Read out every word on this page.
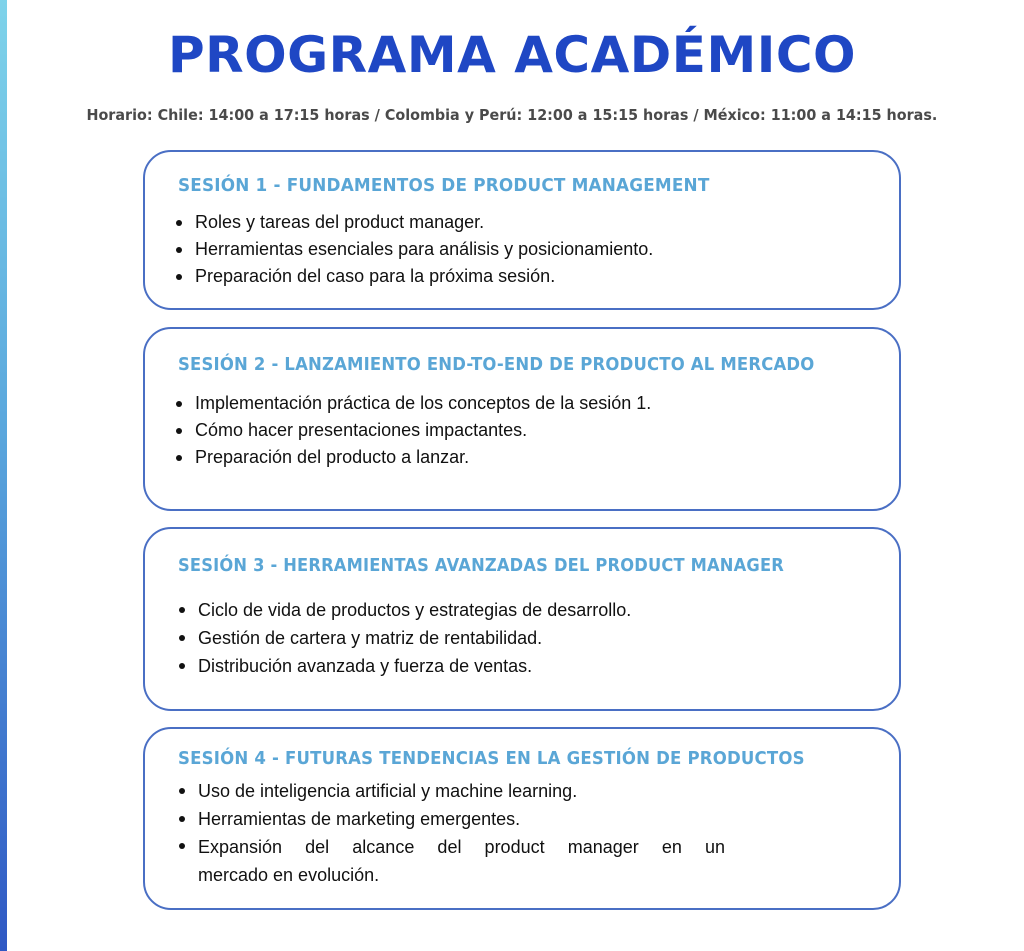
PROGRAMA ACADÉMICO
Horario: Chile: 14:00 a 17:15 horas / Colombia y Perú: 12:00 a 15:15 horas / México: 11:00 a 14:15 horas.
SESIÓN 1 - FUNDAMENTOS DE PRODUCT MANAGEMENT
Roles y tareas del product manager.
Herramientas esenciales para análisis y posicionamiento.
Preparación del caso para la próxima sesión.
SESIÓN 2 - LANZAMIENTO END-TO-END DE PRODUCTO AL MERCADO
Implementación práctica de los conceptos de la sesión 1.
Cómo hacer presentaciones impactantes.
Preparación del producto a lanzar.
SESIÓN 3 - HERRAMIENTAS AVANZADAS DEL PRODUCT MANAGER
Ciclo de vida de productos y estrategias de desarrollo.
Gestión de cartera y matriz de rentabilidad.
Distribución avanzada y fuerza de ventas.
SESIÓN 4 - FUTURAS TENDENCIAS EN LA GESTIÓN DE PRODUCTOS
Uso de inteligencia artificial y machine learning.
Herramientas de marketing emergentes.
Expansión del alcance del product manager en un
mercado en evolución.
